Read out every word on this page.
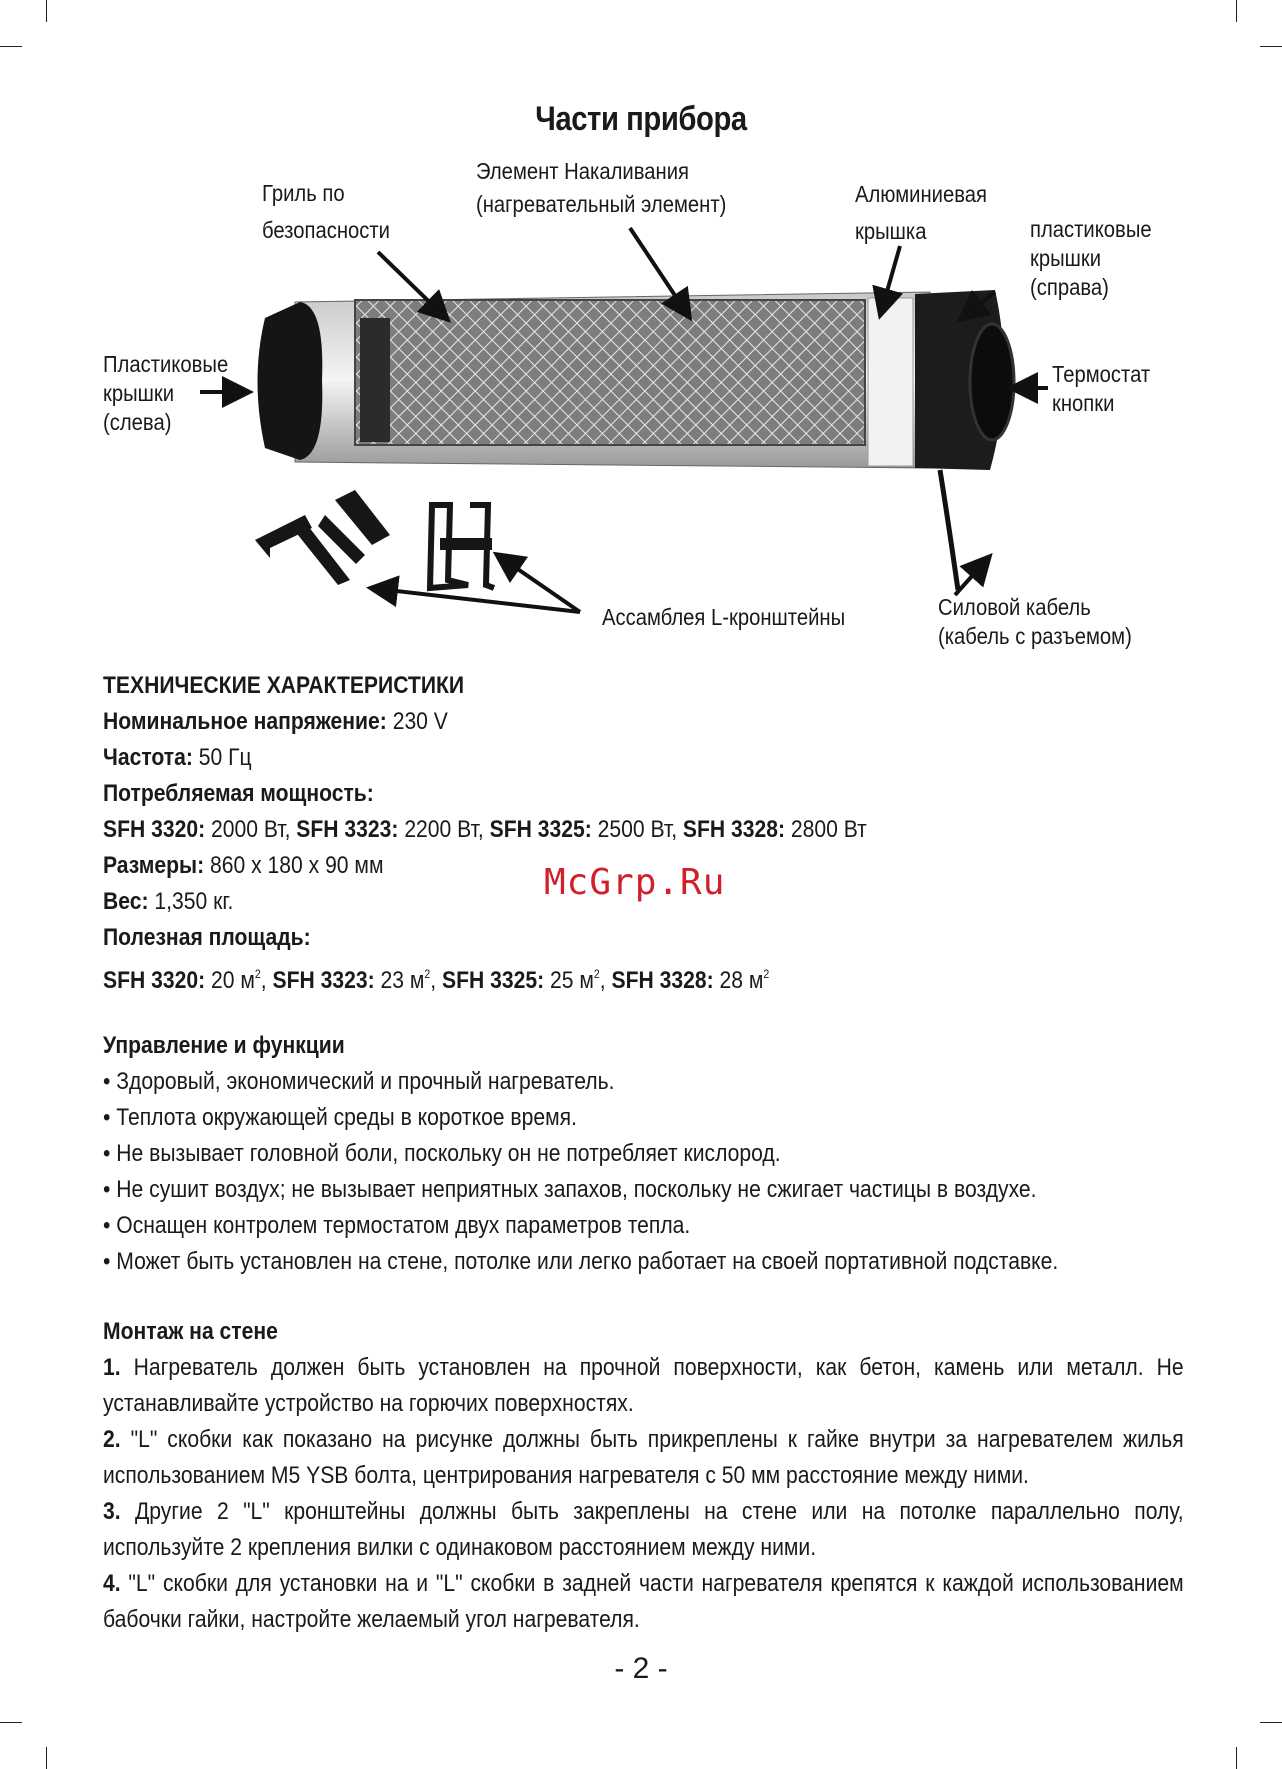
Части прибора
Гриль по
безопасности
Элемент Накаливания
(нагревательный элемент)	Алюминиевая
крышка	пластиковые
крышки
(справа)
Пластиковые
крышки
(слева)
Термостат
кнопки
Ассамблея L-кронштейны	Силовой кабель
(кабель с разъемом)
ТЕХНИЧЕСКИЕ ХАРАКТЕРИСТИКИ
Номинальное напряжение: 230 V
Частота: 50 Гц
Потребляемая мощность:
SFH 3320: 2000 Вт, SFH 3323: 2200 Вт, SFH 3325: 2500 Вт, SFH 3328: 2800 Вт
Размеры: 860 х 180 х 90 мм
Вес: 1,350 кг.
Полезная площадь:
SFH 3320: 20 $м^2$, SFH 3323: 23 $м^2$, SFH 3325: 25 $м^2$, SFH 3328: 28 $м^2$
McGrp.Ru
Управление и функции
• Здоровый, экономический и прочный нагреватель.
• Теплота окружающей среды в короткое время.
• Не вызывает головной боли, поскольку он не потребляет кислород.
• Не сушит воздух; не вызывает неприятных запахов, поскольку не сжигает частицы в воздухе.
• Оснащен контролем термостатом двух параметров тепла.
• Может быть установлен на стене, потолке или легко работает на своей портативной подставке.
Монтаж на стене
1. Нагреватель должен быть установлен на прочной поверхности, как бетон, камень или металл. Не устанавливайте устройство на горючих поверхностях.
2. "L" скобки как показано на рисунке должны быть прикреплены к гайке внутри за нагревателем жилья использованием М5 YSB болта, центрирования нагревателя с 50 мм расстояние между ними.
3. Другие 2 "L" кронштейны должны быть закреплены на стене или на потолке параллельно полу, используйте 2 крепления вилки с одинаковом расстоянием между ними.
4. "L" скобки для установки на и "L" скобки в задней части нагревателя крепятся к каждой использованием бабочки гайки, настройте желаемый угол нагревателя.
- 2 -
